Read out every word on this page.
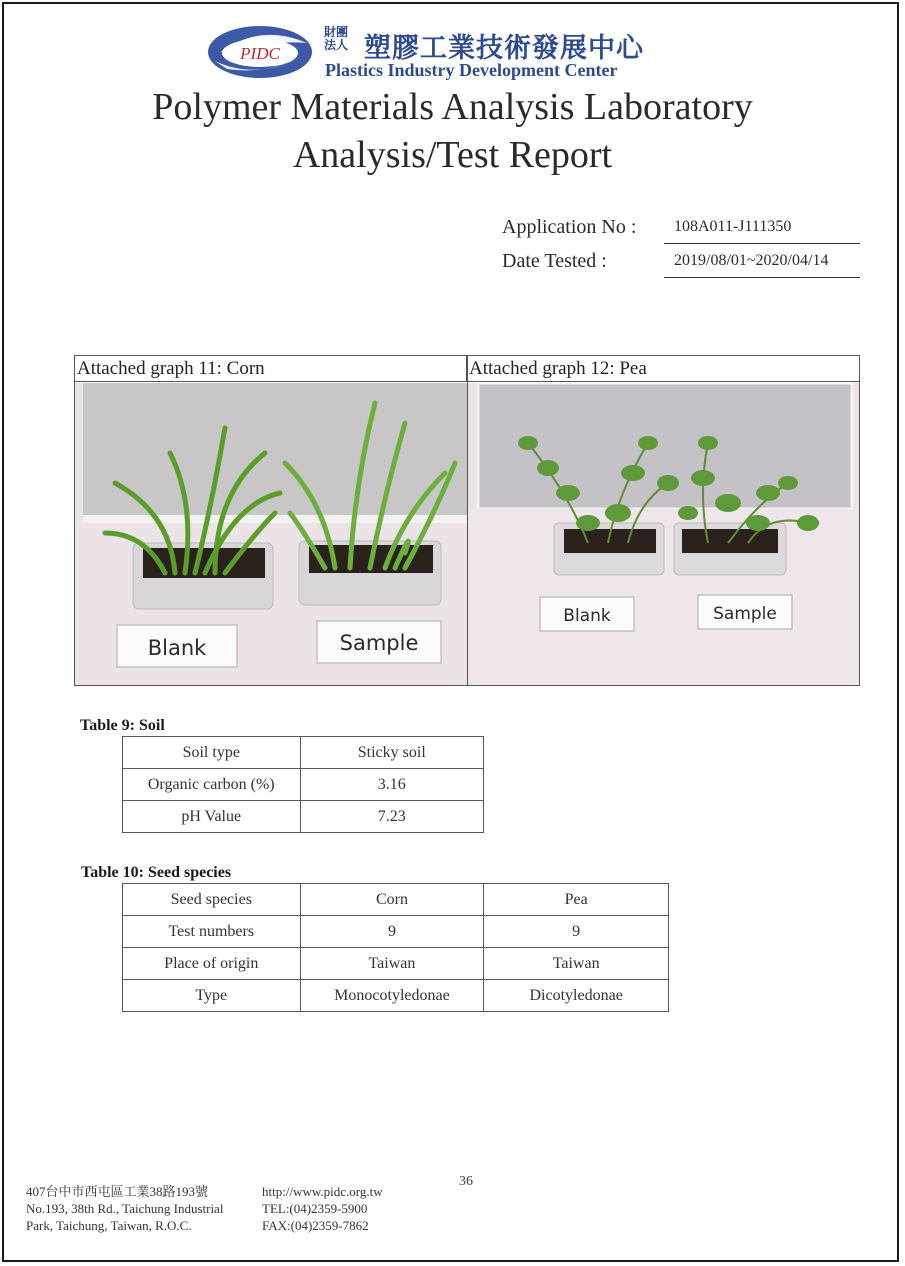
PIDC
財團
法人 塑膠工業技術發展中心
Plastics Industry Development Center
Polymer Materials Analysis Laboratory
Analysis/Test Report
Application No :	108A011-J111350
Date Tested :	2019/08/01~2020/04/14
Attached graph 11: Corn	Attached graph 12: Pea
Blank	Sample
Blank	Sample
Table 9: Soil
Soil type	Sticky soil
Organic carbon (%)	3.16
pH Value	7.23
Table 10: Seed species
Seed species	Corn	Pea
Test numbers	9	9
Place of origin	Taiwan	Taiwan
Type	Monocotyledonae	Dicotyledonae
36
407台中市西屯區工業38路193號
No.193, 38th Rd., Taichung Industrial
Park, Taichung, Taiwan, R.O.C.
http://www.pidc.org.tw
TEL:(04)2359-5900
FAX:(04)2359-7862
